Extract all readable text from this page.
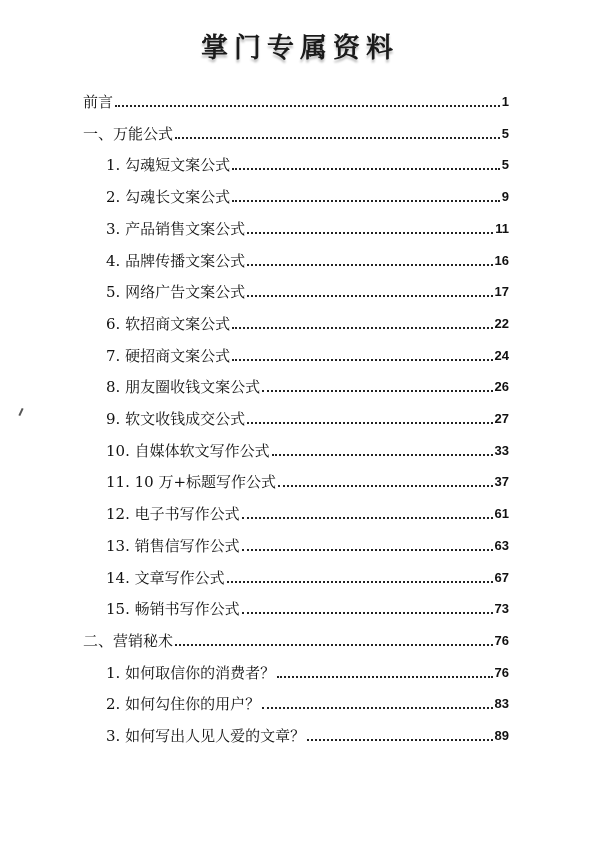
掌门专属资料
前言	1
一、万能公式	5
1. 勾魂短文案公式	5
2. 勾魂长文案公式	9
3. 产品销售文案公式	11
4. 品牌传播文案公式	16
5. 网络广告文案公式	17
6. 软招商文案公式	22
7. 硬招商文案公式	24
8. 朋友圈收钱文案公式	26
9. 软文收钱成交公式	27
10. 自媒体软文写作公式	33
11. 10 万+标题写作公式	37
12. 电子书写作公式	61
13. 销售信写作公式	63
14. 文章写作公式	67
15. 畅销书写作公式	73
二、营销秘术	76
1. 如何取信你的消费者？	76
2. 如何勾住你的用户？	83
3. 如何写出人见人爱的文章？	89
